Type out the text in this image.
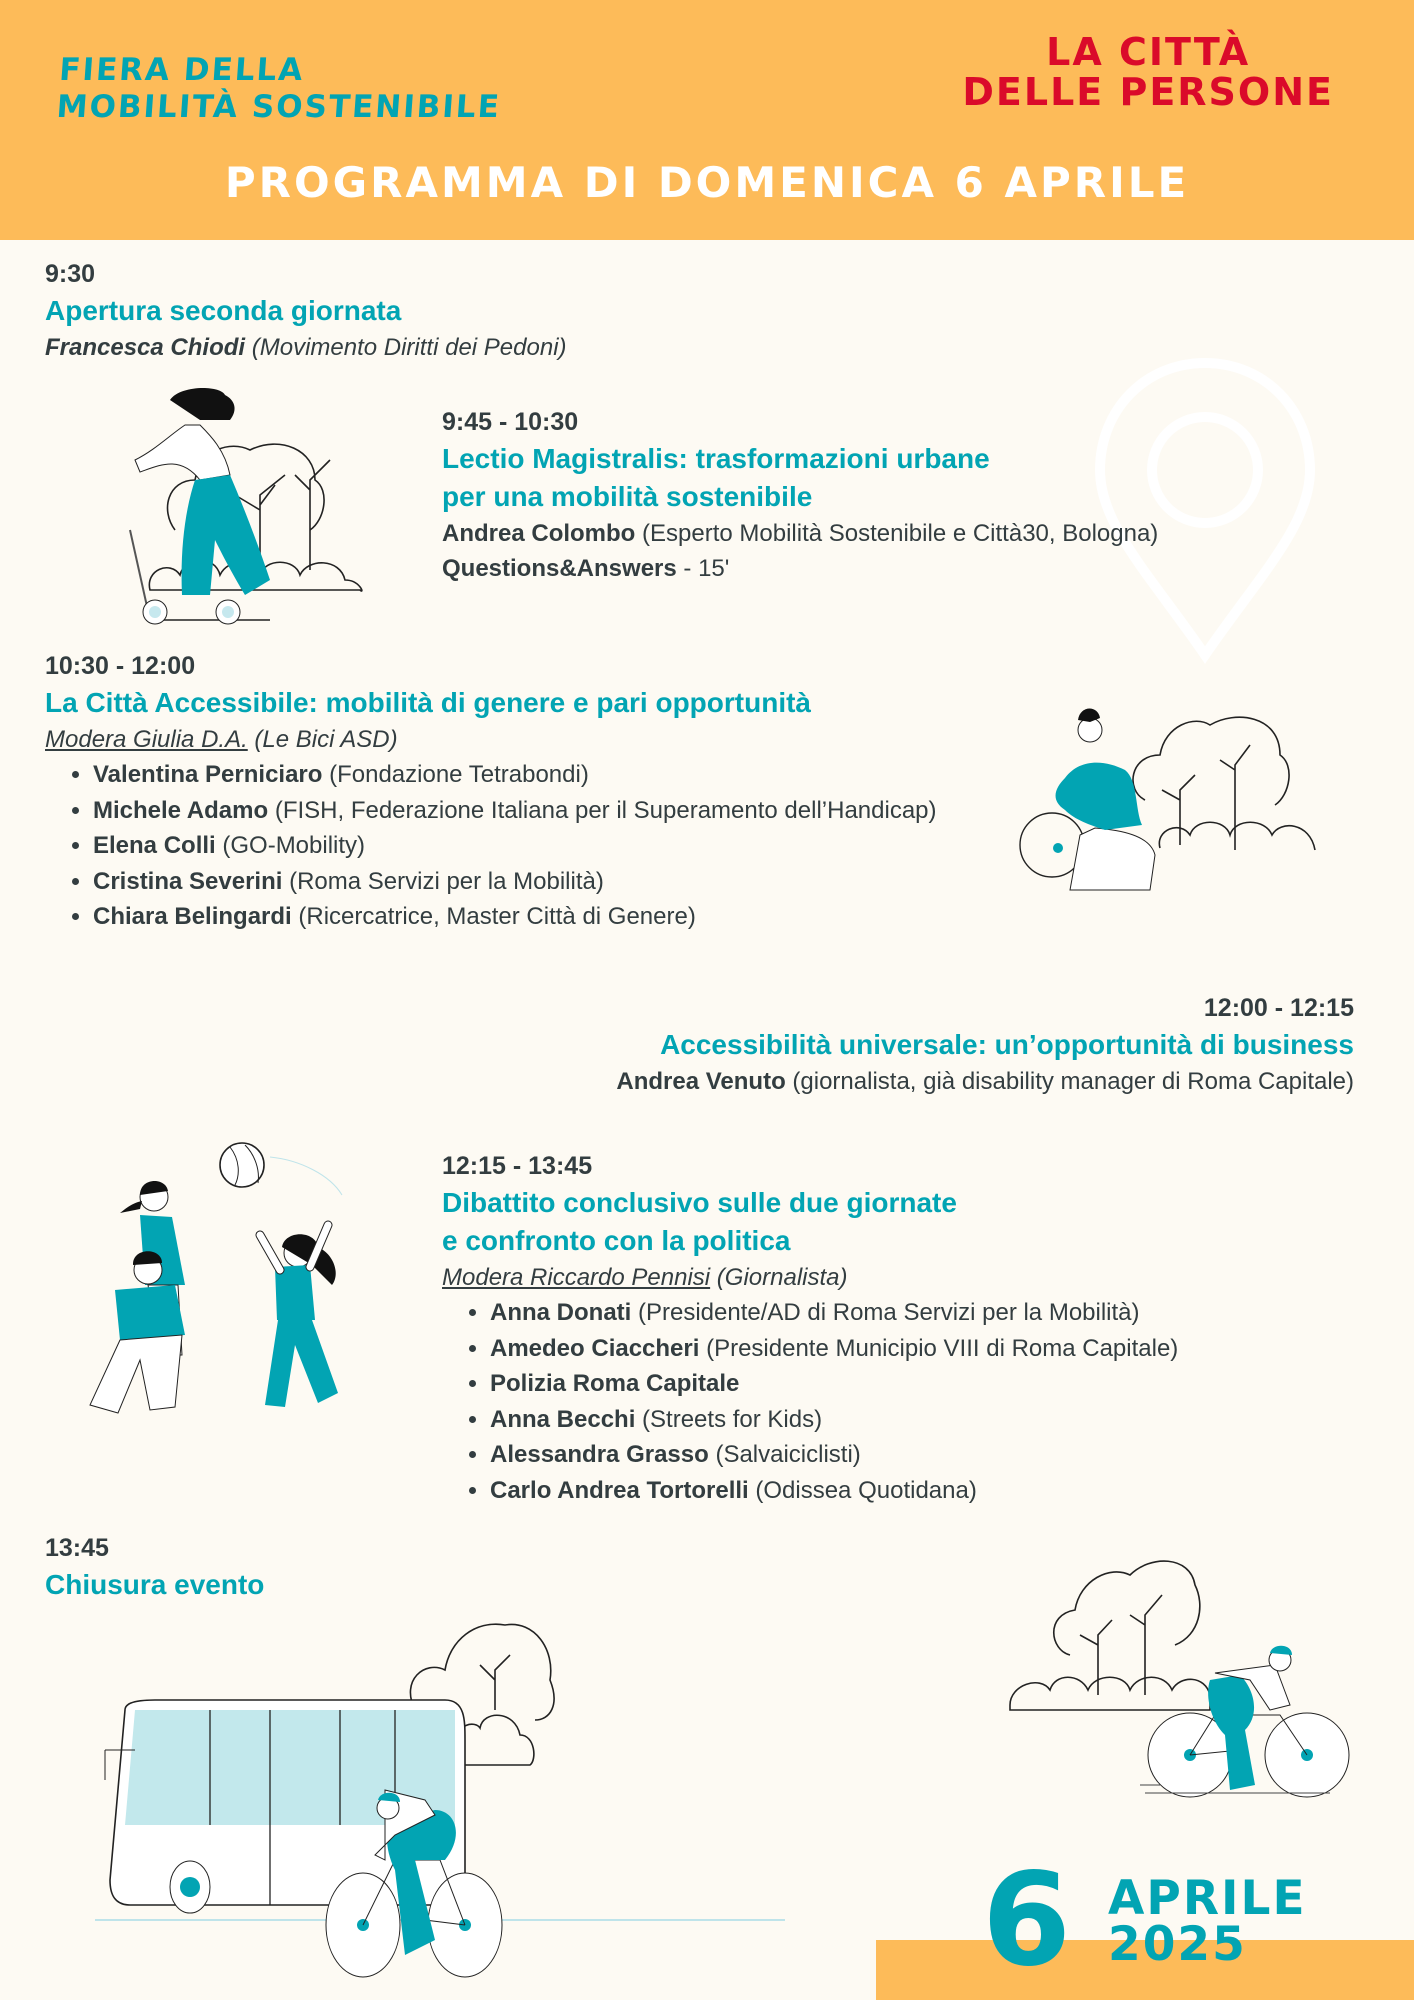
FIERA DELLA
MOBILITÀ SOSTENIBILE
LA CITTÀ
DELLE PERSONE
PROGRAMMA DI DOMENICA 6 APRILE
9:30
Apertura seconda giornata
Francesca Chiodi (Movimento Diritti dei Pedoni)
9:45 - 10:30
Lectio Magistralis: trasformazioni urbane
per una mobilità sostenibile
Andrea Colombo (Esperto Mobilità Sostenibile e Città30, Bologna)
Questions&Answers - 15'
10:30 - 12:00
La Città Accessibile: mobilità di genere e pari opportunità
Modera Giulia D.A. (Le Bici ASD)
• Valentina Perniciaro (Fondazione Tetrabondi)
• Michele Adamo (FISH, Federazione Italiana per il Superamento dell’Handicap)
• Elena Colli (GO-Mobility)
• Cristina Severini (Roma Servizi per la Mobilità)
• Chiara Belingardi (Ricercatrice, Master Città di Genere)
12:00 - 12:15
Accessibilità universale: un’opportunità di business
Andrea Venuto (giornalista, già disability manager di Roma Capitale)
12:15 - 13:45
Dibattito conclusivo sulle due giornate
e confronto con la politica
Modera Riccardo Pennisi (Giornalista)
• Anna Donati (Presidente/AD di Roma Servizi per la Mobilità)
• Amedeo Ciaccheri (Presidente Municipio VIII di Roma Capitale)
• Polizia Roma Capitale
• Anna Becchi (Streets for Kids)
• Alessandra Grasso (Salvaiciclisti)
• Carlo Andrea Tortorelli (Odissea Quotidana)
13:45
Chiusura evento
6 APRILE
2025
